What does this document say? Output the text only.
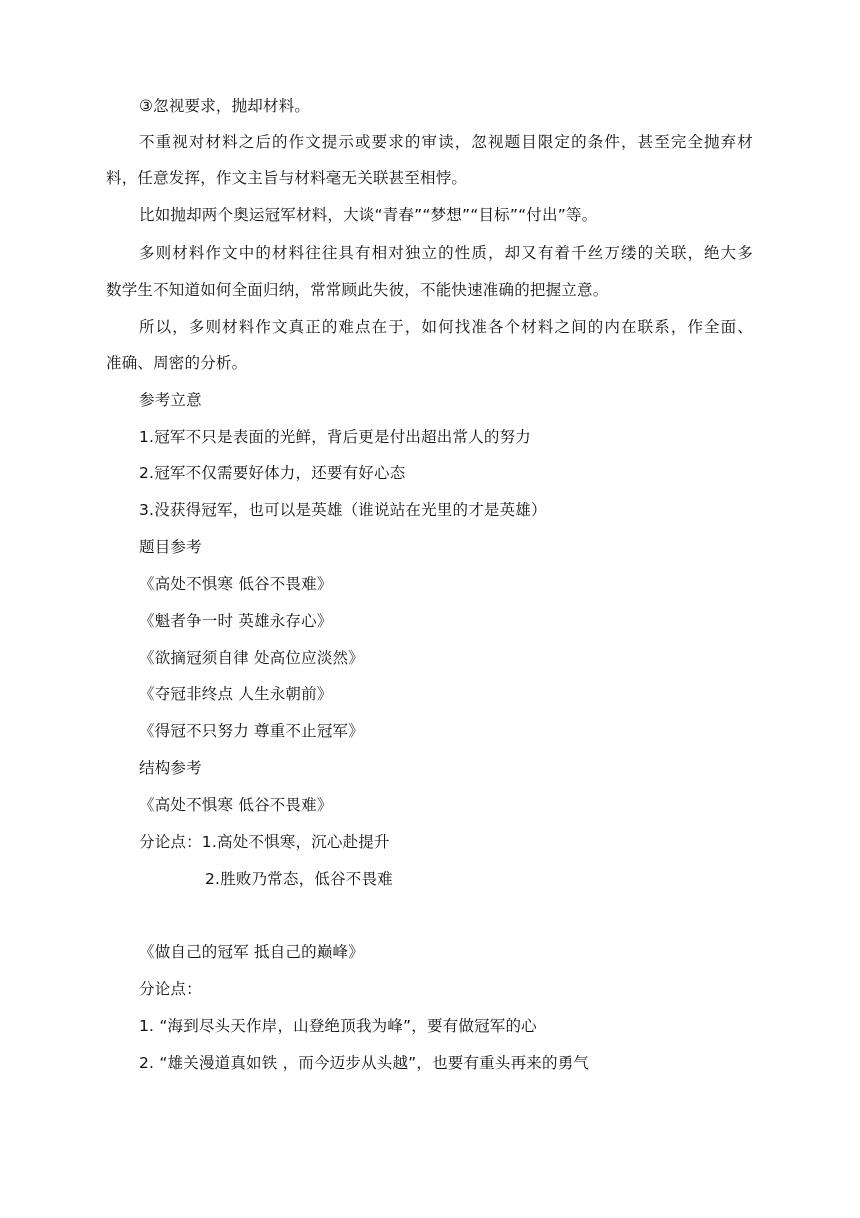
③忽视要求，抛却材料。
不重视对材料之后的作文提示或要求的审读，忽视题目限定的条件，甚至完全抛弃材
料，任意发挥，作文主旨与材料毫无关联甚至相悖。
比如抛却两个奥运冠军材料，大谈“青春”“梦想”“目标”“付出”等。
多则材料作文中的材料往往具有相对独立的性质，却又有着千丝万缕的关联，绝大多
数学生不知道如何全面归纳，常常顾此失彼，不能快速准确的把握立意。
所以，多则材料作文真正的难点在于，如何找准各个材料之间的内在联系，作全面、
准确、周密的分析。
参考立意
1.冠军不只是表面的光鲜，背后更是付出超出常人的努力
2.冠军不仅需要好体力，还要有好心态
3.没获得冠军，也可以是英雄（谁说站在光里的才是英雄）
题目参考
《高处不惧寒 低谷不畏难》
《魁者争一时 英雄永存心》
《欲摘冠须自律 处高位应淡然》
《夺冠非终点 人生永朝前》
《得冠不只努力 尊重不止冠军》
结构参考
《高处不惧寒 低谷不畏难》
分论点：1.高处不惧寒，沉心赴提升
2.胜败乃常态，低谷不畏难
《做自己的冠军 抵自己的巅峰》
分论点：
1. “海到尽头天作岸，山登绝顶我为峰”，要有做冠军的心
2. “雄关漫道真如铁 ，而今迈步从头越”，也要有重头再来的勇气
